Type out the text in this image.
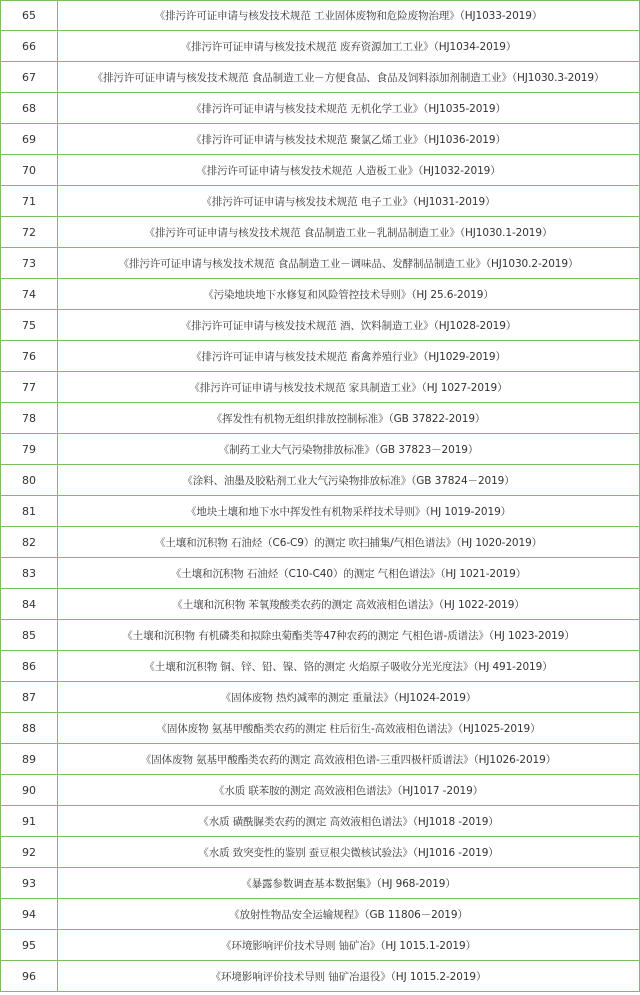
65	《排污许可证申请与核发技术规范 工业固体废物和危险废物治理》（HJ1033-2019）
66	《排污许可证申请与核发技术规范 废弃资源加工工业》（HJ1034-2019）
67	《排污许可证申请与核发技术规范 食品制造工业－方便食品、食品及饲料添加剂制造工业》（HJ1030.3-2019）
68	《排污许可证申请与核发技术规范 无机化学工业》（HJ1035-2019）
69	《排污许可证申请与核发技术规范 聚氯乙烯工业》（HJ1036-2019）
70	《排污许可证申请与核发技术规范 人造板工业》（HJ1032-2019）
71	《排污许可证申请与核发技术规范 电子工业》（HJ1031-2019）
72	《排污许可证申请与核发技术规范 食品制造工业－乳制品制造工业》（HJ1030.1-2019）
73	《排污许可证申请与核发技术规范 食品制造工业－调味品、发酵制品制造工业》（HJ1030.2-2019）
74	《污染地块地下水修复和风险管控技术导则》（HJ 25.6-2019）
75	《排污许可证申请与核发技术规范 酒、饮料制造工业》（HJ1028-2019）
76	《排污许可证申请与核发技术规范 畜禽养殖行业》（HJ1029-2019）
77	《排污许可证申请与核发技术规范 家具制造工业》（HJ 1027-2019）
78	《挥发性有机物无组织排放控制标准》（GB 37822-2019）
79	《制药工业大气污染物排放标准》（GB 37823－2019）
80	《涂料、油墨及胶粘剂工业大气污染物排放标准》（GB 37824－2019）
81	《地块土壤和地下水中挥发性有机物采样技术导则》（HJ 1019-2019）
82	《土壤和沉积物 石油烃（C6-C9）的测定 吹扫捕集/气相色谱法》（HJ 1020-2019）
83	《土壤和沉积物 石油烃（C10-C40）的测定 气相色谱法》（HJ 1021-2019）
84	《土壤和沉积物 苯氧羧酸类农药的测定 高效液相色谱法》（HJ 1022-2019）
85	《土壤和沉积物 有机磷类和拟除虫菊酯类等47种农药的测定 气相色谱-质谱法》（HJ 1023-2019）
86	《土壤和沉积物 铜、锌、铅、镍、铬的测定 火焰原子吸收分光光度法》（HJ 491-2019）
87	《固体废物 热灼减率的测定 重量法》（HJ1024-2019）
88	《固体废物 氨基甲酸酯类农药的测定 柱后衍生-高效液相色谱法》（HJ1025-2019）
89	《固体废物 氨基甲酸酯类农药的测定 高效液相色谱-三重四极杆质谱法》（HJ1026-2019）
90	《水质 联苯胺的测定 高效液相色谱法》（HJ1017 -2019）
91	《水质 磺酰脲类农药的测定 高效液相色谱法》（HJ1018 -2019）
92	《水质 致突变性的鉴别 蚕豆根尖微核试验法》（HJ1016 -2019）
93	《暴露参数调查基本数据集》（HJ 968-2019）
94	《放射性物品安全运输规程》（GB 11806－2019）
95	《环境影响评价技术导则 铀矿冶》（HJ 1015.1-2019）
96	《环境影响评价技术导则 铀矿冶退役》（HJ 1015.2-2019）
